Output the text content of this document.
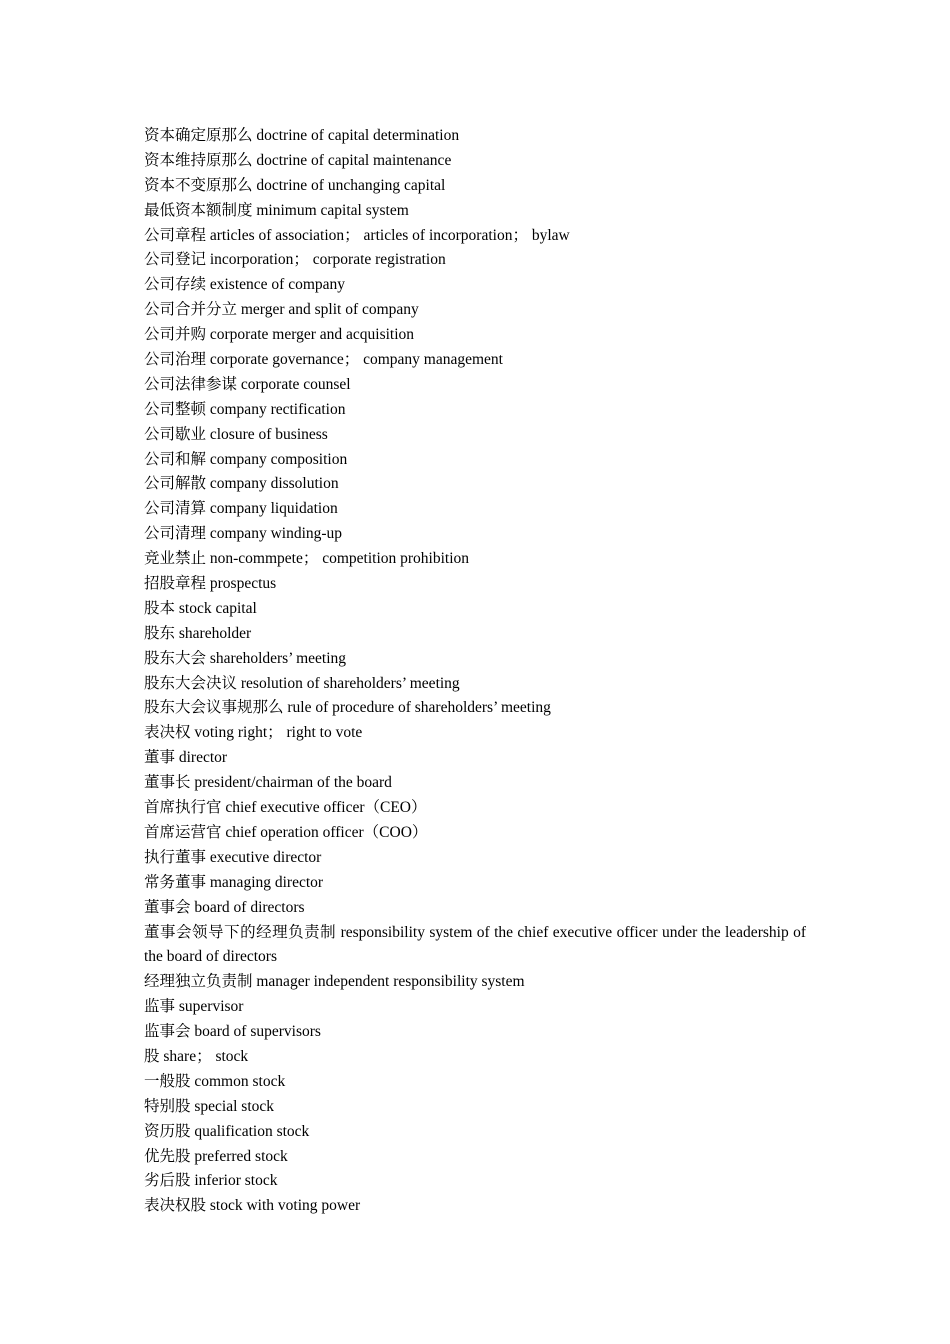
资本确定原那么 doctrine of capital determination
资本维持原那么 doctrine of capital maintenance
资本不变原那么 doctrine of unchanging capital
最低资本额制度 minimum capital system
公司章程 articles of association； articles of incorporation； bylaw
公司登记 incorporation； corporate registration
公司存续 existence of company
公司合并分立 merger and split of company
公司并购 corporate merger and acquisition
公司治理 corporate governance； company management
公司法律参谋 corporate counsel
公司整顿 company rectification
公司歇业 closure of business
公司和解 company composition
公司解散 company dissolution
公司清算 company liquidation
公司清理 company winding-up
竞业禁止 non-commpete； competition prohibition
招股章程 prospectus
股本 stock capital
股东 shareholder
股东大会 shareholders’ meeting
股东大会决议 resolution of shareholders’ meeting
股东大会议事规那么 rule of procedure of shareholders’ meeting
表决权 voting right； right to vote
董事 director
董事长 president/chairman of the board
首席执行官 chief executive officer（CEO）
首席运营官 chief operation officer（COO）
执行董事 executive director
常务董事 managing director
董事会 board of directors
董事会领导下的经理负责制 responsibility system of the chief executive officer under the leadership of the board of directors
经理独立负责制 manager independent responsibility system
监事 supervisor
监事会 board of supervisors
股 share； stock
一般股 common stock
特别股 special stock
资历股 qualification stock
优先股 preferred stock
劣后股 inferior stock
表决权股 stock with voting power
